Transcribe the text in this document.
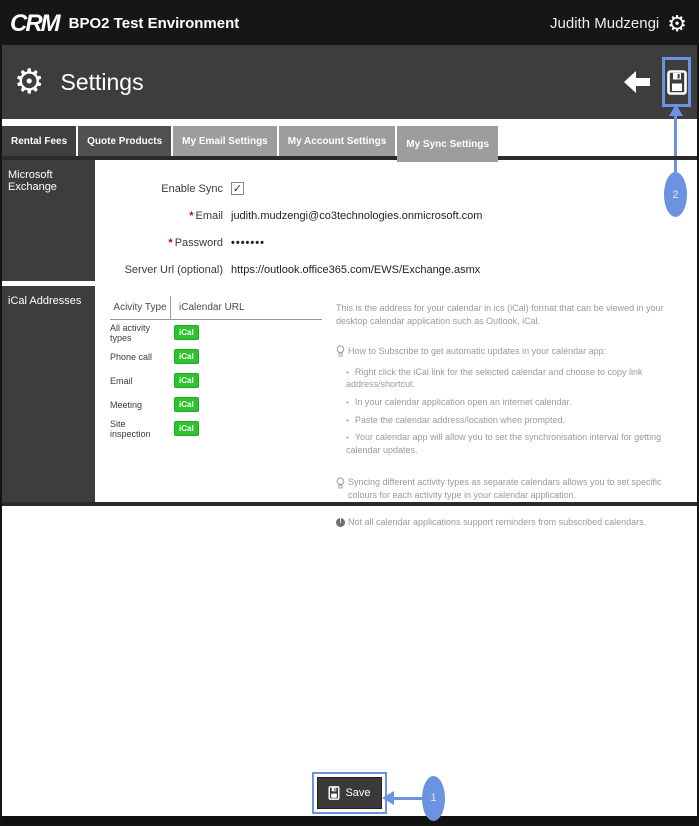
CRM BPO2 Test Environment	Judith Mudzengi ⚙
⚙ Settings
Rental Fees	Quote Products	My Email Settings	My Account Settings	My Sync Settings
Microsoft Exchange	Enable Sync
✓
* Email
judith.mudzengi@co3technologies.onmicrosoft.com
* Password
•••••••
Server Url (optional)
https://outlook.office365.com/EWS/Exchange.asmx
iCal Addresses
Acivity Type	iCalendar URL
All activity types	iCal
Phone call	iCal
Email	iCal
Meeting	iCal
Site inspection	iCal

This is the address for your calendar in ics (iCal) format that can be viewed in your desktop calendar application such as Outlook, iCal.

How to Subscribe to get automatic updates in your calendar app:
▪ Right click the iCal link for the selected calendar and choose to copy link address/shortcut.
▪ In your calendar application open an internet calendar.
▪ Paste the calendar address/location when prompted.
▪ Your calendar app will allow you to set the synchronisation interval for getting calendar updates.
Syncing different activity types as separate calendars allows you to set specific colours for each activity type in your calendar application.
!
Not all calendar applications support reminders from subscribed calendars.
Save	1
2
